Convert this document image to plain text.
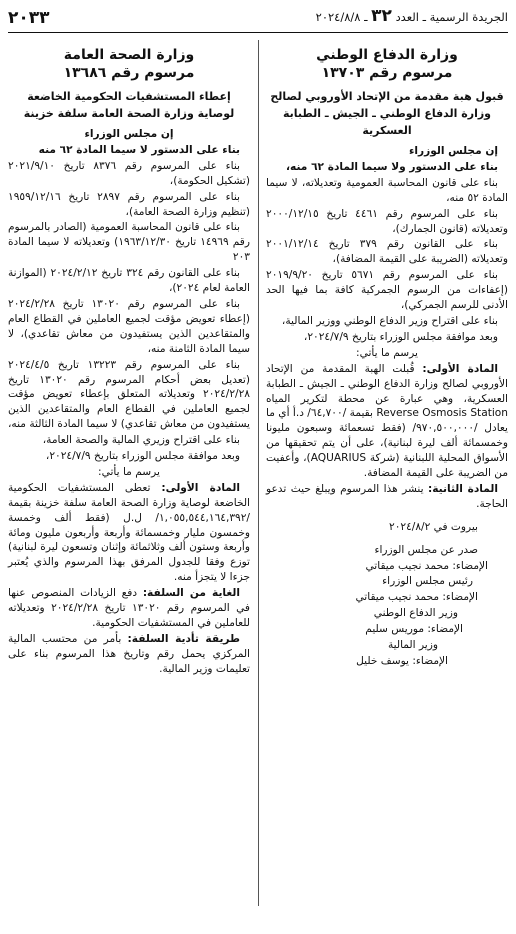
٢٠٣٣	الجريدة الرسمية ـ العدد ٣٢ ـ ٢٠٢٤/٨/٨
وزارة الدفاع الوطني
مرسوم رقم ١٣٧٠٣
قبول هبة مقدمة من الإتحاد الأوروبي لصالح وزارة الدفاع الوطني ـ الجيش ـ الطبابة العسكرية
إن مجلس الوزراء
بناء على الدستور ولا سيما المادة ٦٢ منه،
بناء على قانون المحاسبة العمومية وتعديلاته، لا سيما المادة ٥٢ منه،
بناء على المرسوم رقم ٤٤٦١ تاريخ ٢٠٠٠/١٢/١٥ وتعديلاته (قانون الجمارك)،
بناء على القانون رقم ٣٧٩ تاريخ ٢٠٠١/١٢/١٤ وتعديلاته (الضريبة على القيمة المضافة)،
بناء على المرسوم رقم ٥٦٧١ تاريخ ٢٠١٩/٩/٢٠ (إعفاءات من الرسوم الجمركية كافة بما فيها الحد الأدنى للرسم الجمركي)،
بناء على اقتراح وزير الدفاع الوطني ووزير المالية،
وبعد موافقة مجلس الوزراء بتاريخ ٢٠٢٤/٧/٩،
يرسم ما يأتي:
المادة الأولى: قُبلت الهبة المقدمة من الإتحاد الأوروبي لصالح وزارة الدفاع الوطني ـ الجيش ـ الطبابة العسكرية، وهي عبارة عن محطة لتكرير المياه Reverse Osmosis Station بقيمة /٦٤,٧٠٠/ د.أ أي ما يعادل /٩٧٠,٥٠٠,٠٠٠/ (فقط تسعمائة وسبعون مليونا وخمسمائة ألف ليرة لبنانية)، على أن يتم تحقيقها من الأسواق المحلية اللبنانية (شركة AQUARIUS)، وأعفيت من الضريبة على القيمة المضافة.
المادة الثانية: ينشر هذا المرسوم ويبلغ حيث تدعو الحاجة.
بيروت في ٢٠٢٤/٨/٢
صدر عن مجلس الوزراء
الإمضاء: محمد نجيب ميقاتي
رئيس مجلس الوزراء
الإمضاء: محمد نجيب ميقاتي
وزير الدفاع الوطني
الإمضاء: موريس سليم
وزير المالية
الإمضاء: يوسف خليل
وزارة الصحة العامة
مرسوم رقم ١٣٦٨٦
إعطاء المستشفيات الحكومية الخاضعة لوصاية وزارة الصحة العامة سلفة خزينة
إن مجلس الوزراء
بناء على الدستور لا سيما المادة ٦٢ منه
بناء على المرسوم رقم ٨٣٧٦ تاريخ ٢٠٢١/٩/١٠ (تشكيل الحكومة)،
بناء على المرسوم رقم ٢٨٩٧ تاريخ ١٩٥٩/١٢/١٦ (تنظيم وزارة الصحة العامة)،
بناء على قانون المحاسبة العمومية (الصادر بالمرسوم رقم ١٤٩٦٩ تاريخ ١٩٦٣/١٢/٣٠) وتعديلاته لا سيما المادة ٢٠٣
بناء على القانون رقم ٣٢٤ تاريخ ٢٠٢٤/٢/١٢ (الموازنة العامة لعام ٢٠٢٤)،
بناء على المرسوم رقم ١٣٠٢٠ تاريخ ٢٠٢٤/٢/٢٨ (إعطاء تعويض مؤقت لجميع العاملين في القطاع العام والمتقاعدين الذين يستفيدون من معاش تقاعدي)، لا سيما المادة الثامنة منه،
بناء على المرسوم رقم ١٣٢٢٣ تاريخ ٢٠٢٤/٤/٥ (تعديل بعض أحكام المرسوم رقم ١٣٠٢٠ تاريخ ٢٠٢٤/٢/٢٨ وتعديلاته المتعلق بإعطاء تعويض مؤقت لجميع العاملين في القطاع العام والمتقاعدين الذين يستفيدون من معاش تقاعدي) لا سيما المادة الثالثة منه،
بناء على اقتراح وزيري المالية والصحة العامة،
وبعد موافقة مجلس الوزراء بتاريخ ٢٠٢٤/٧/٩،
يرسم ما يأتي:
المادة الأولى: تعطى المستشفيات الحكومية الخاضعة لوصاية وزارة الصحة العامة سلفة خزينة بقيمة /١,٠٥٥,٥٤٤,١٦٤,٣٩٢/ ل.ل (فقط ألف وخمسة وخمسون مليار وخمسمائة وأربعة وأربعون مليون ومائة وأربعة وستون ألف وثلاثمائة وإثنان وتسعون ليرة لبنانية) توزع وفقا للجدول المرفق بهذا المرسوم والذي يُعتبر جزءا لا يتجزأ منه.
الغاية من السلفة: دفع الزيادات المنصوص عنها في المرسوم رقم ١٣٠٢٠ تاريخ ٢٠٢٤/٢/٢٨ وتعديلاته للعاملين في المستشفيات الحكومية.
طريقة تأدية السلفة: بأمر من محتسب المالية المركزي يحمل رقم وتاريخ هذا المرسوم بناء على تعليمات وزير المالية.
